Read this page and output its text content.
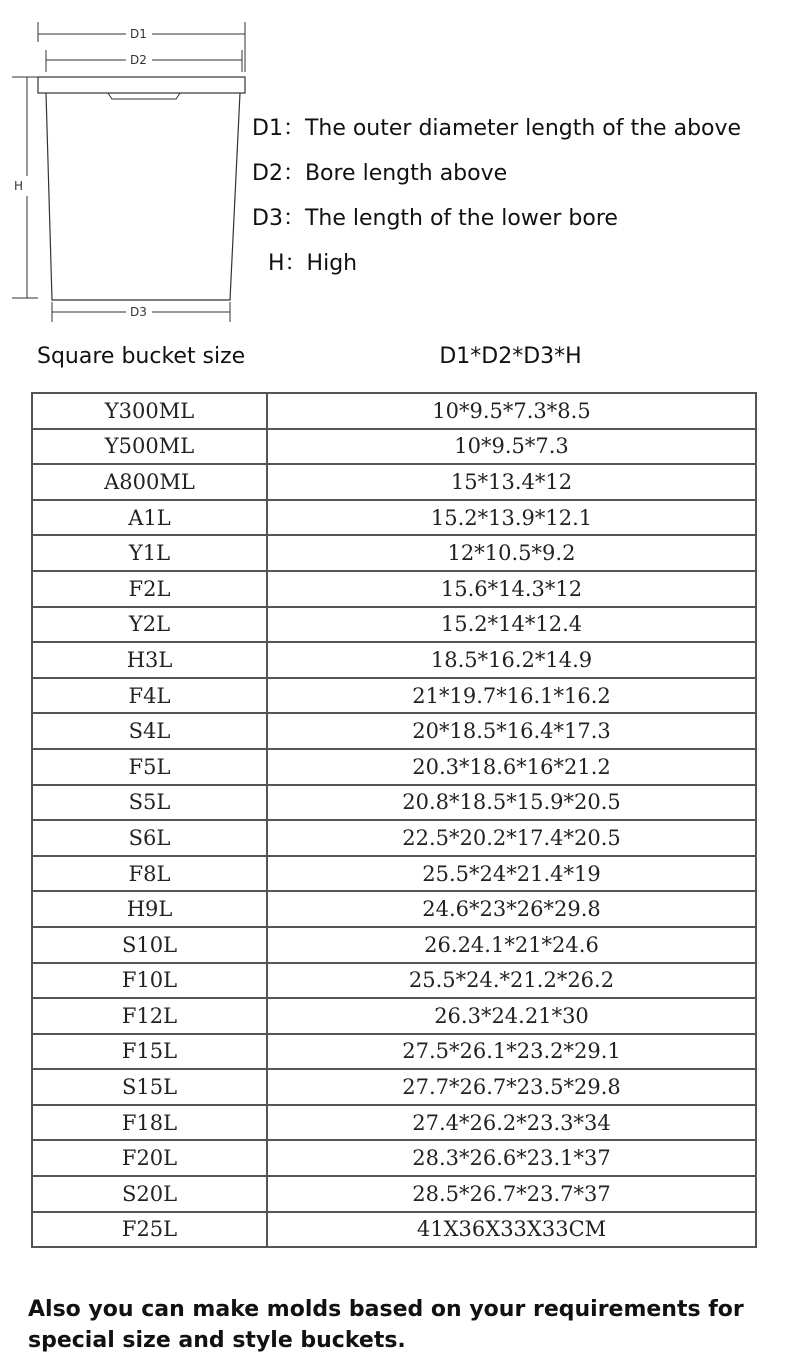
D1
D2
H
D3
D1：The outer diameter length of the above
D2：Bore length above
D3：The length of the lower bore
H：High
Square bucket size	D1*D2*D3*H
Y300ML	10*9.5*7.3*8.5
Y500ML	10*9.5*7.3
A800ML	15*13.4*12
A1L	15.2*13.9*12.1
Y1L	12*10.5*9.2
F2L	15.6*14.3*12
Y2L	15.2*14*12.4
H3L	18.5*16.2*14.9
F4L	21*19.7*16.1*16.2
S4L	20*18.5*16.4*17.3
F5L	20.3*18.6*16*21.2
S5L	20.8*18.5*15.9*20.5
S6L	22.5*20.2*17.4*20.5
F8L	25.5*24*21.4*19
H9L	24.6*23*26*29.8
S10L	26.24.1*21*24.6
F10L	25.5*24.*21.2*26.2
F12L	26.3*24.21*30
F15L	27.5*26.1*23.2*29.1
S15L	27.7*26.7*23.5*29.8
F18L	27.4*26.2*23.3*34
F20L	28.3*26.6*23.1*37
S20L	28.5*26.7*23.7*37
F25L	41X36X33X33CM
Also you can make molds based on your requirements for special size and style buckets.
